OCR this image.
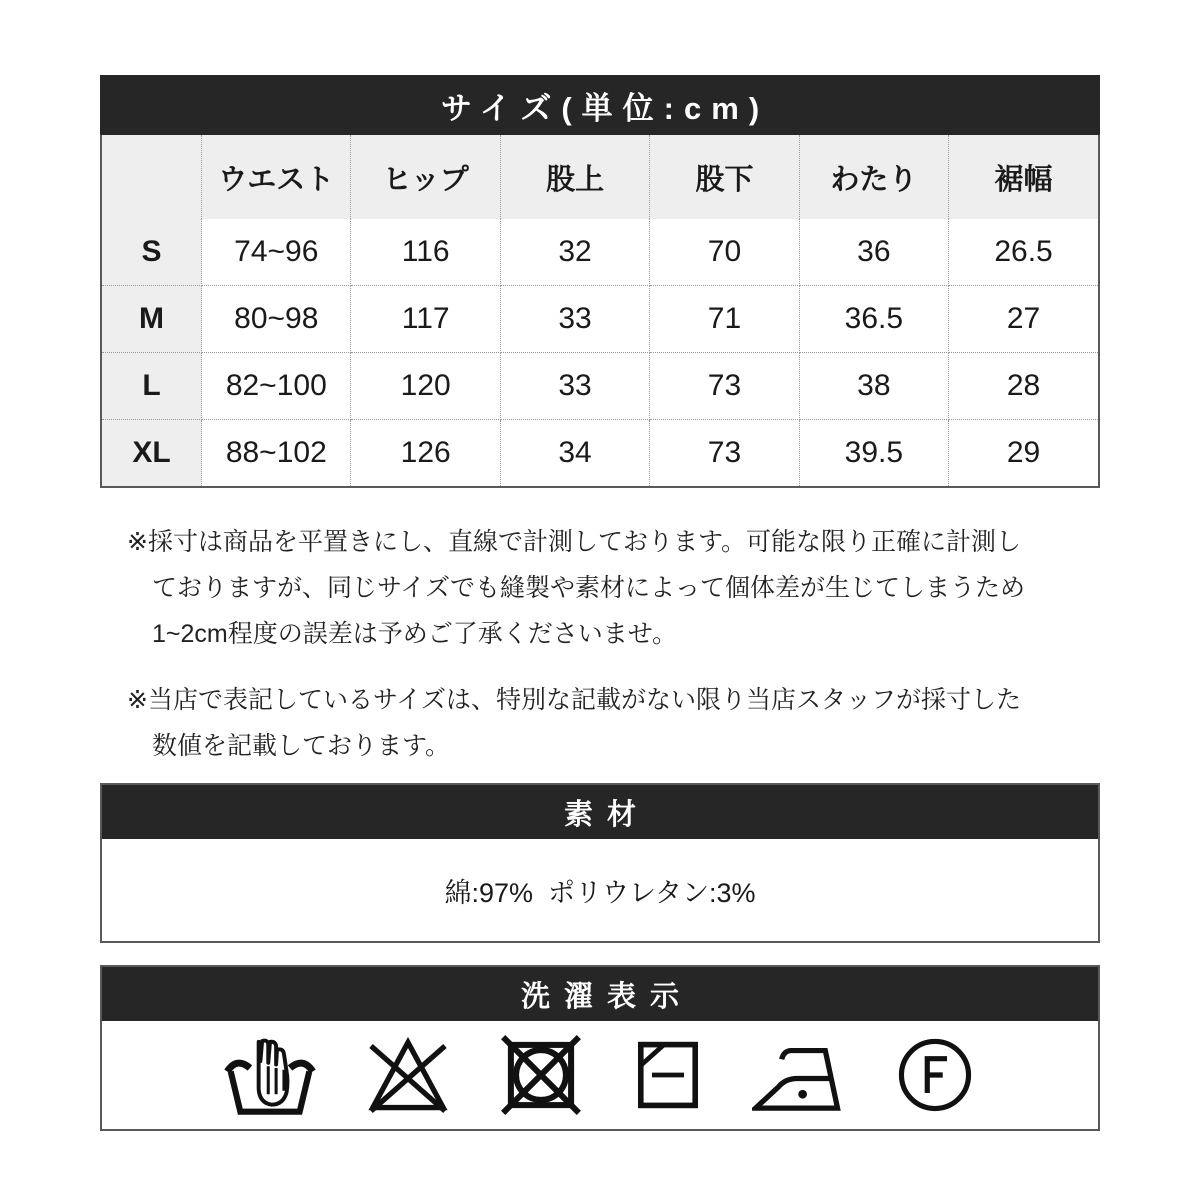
サイズ(単位:cm)
	ウエスト	ヒップ	股上	股下	わたり	裾幅
S	74~96	116	32	70	36	26.5
M	80~98	117	33	71	36.5	27
L	82~100	120	33	73	38	28
XL	88~102	126	34	73	39.5	29
※採寸は商品を平置きにし、直線で計測しております。可能な限り正確に計測し
ておりますが、同じサイズでも縫製や素材によって個体差が生じてしまうため
1~2cm程度の誤差は予めご了承くださいませ。
※当店で表記しているサイズは、特別な記載がない限り当店スタッフが採寸した
数値を記載しております。
素材
綿:97%  ポリウレタン:3%
洗濯表示
